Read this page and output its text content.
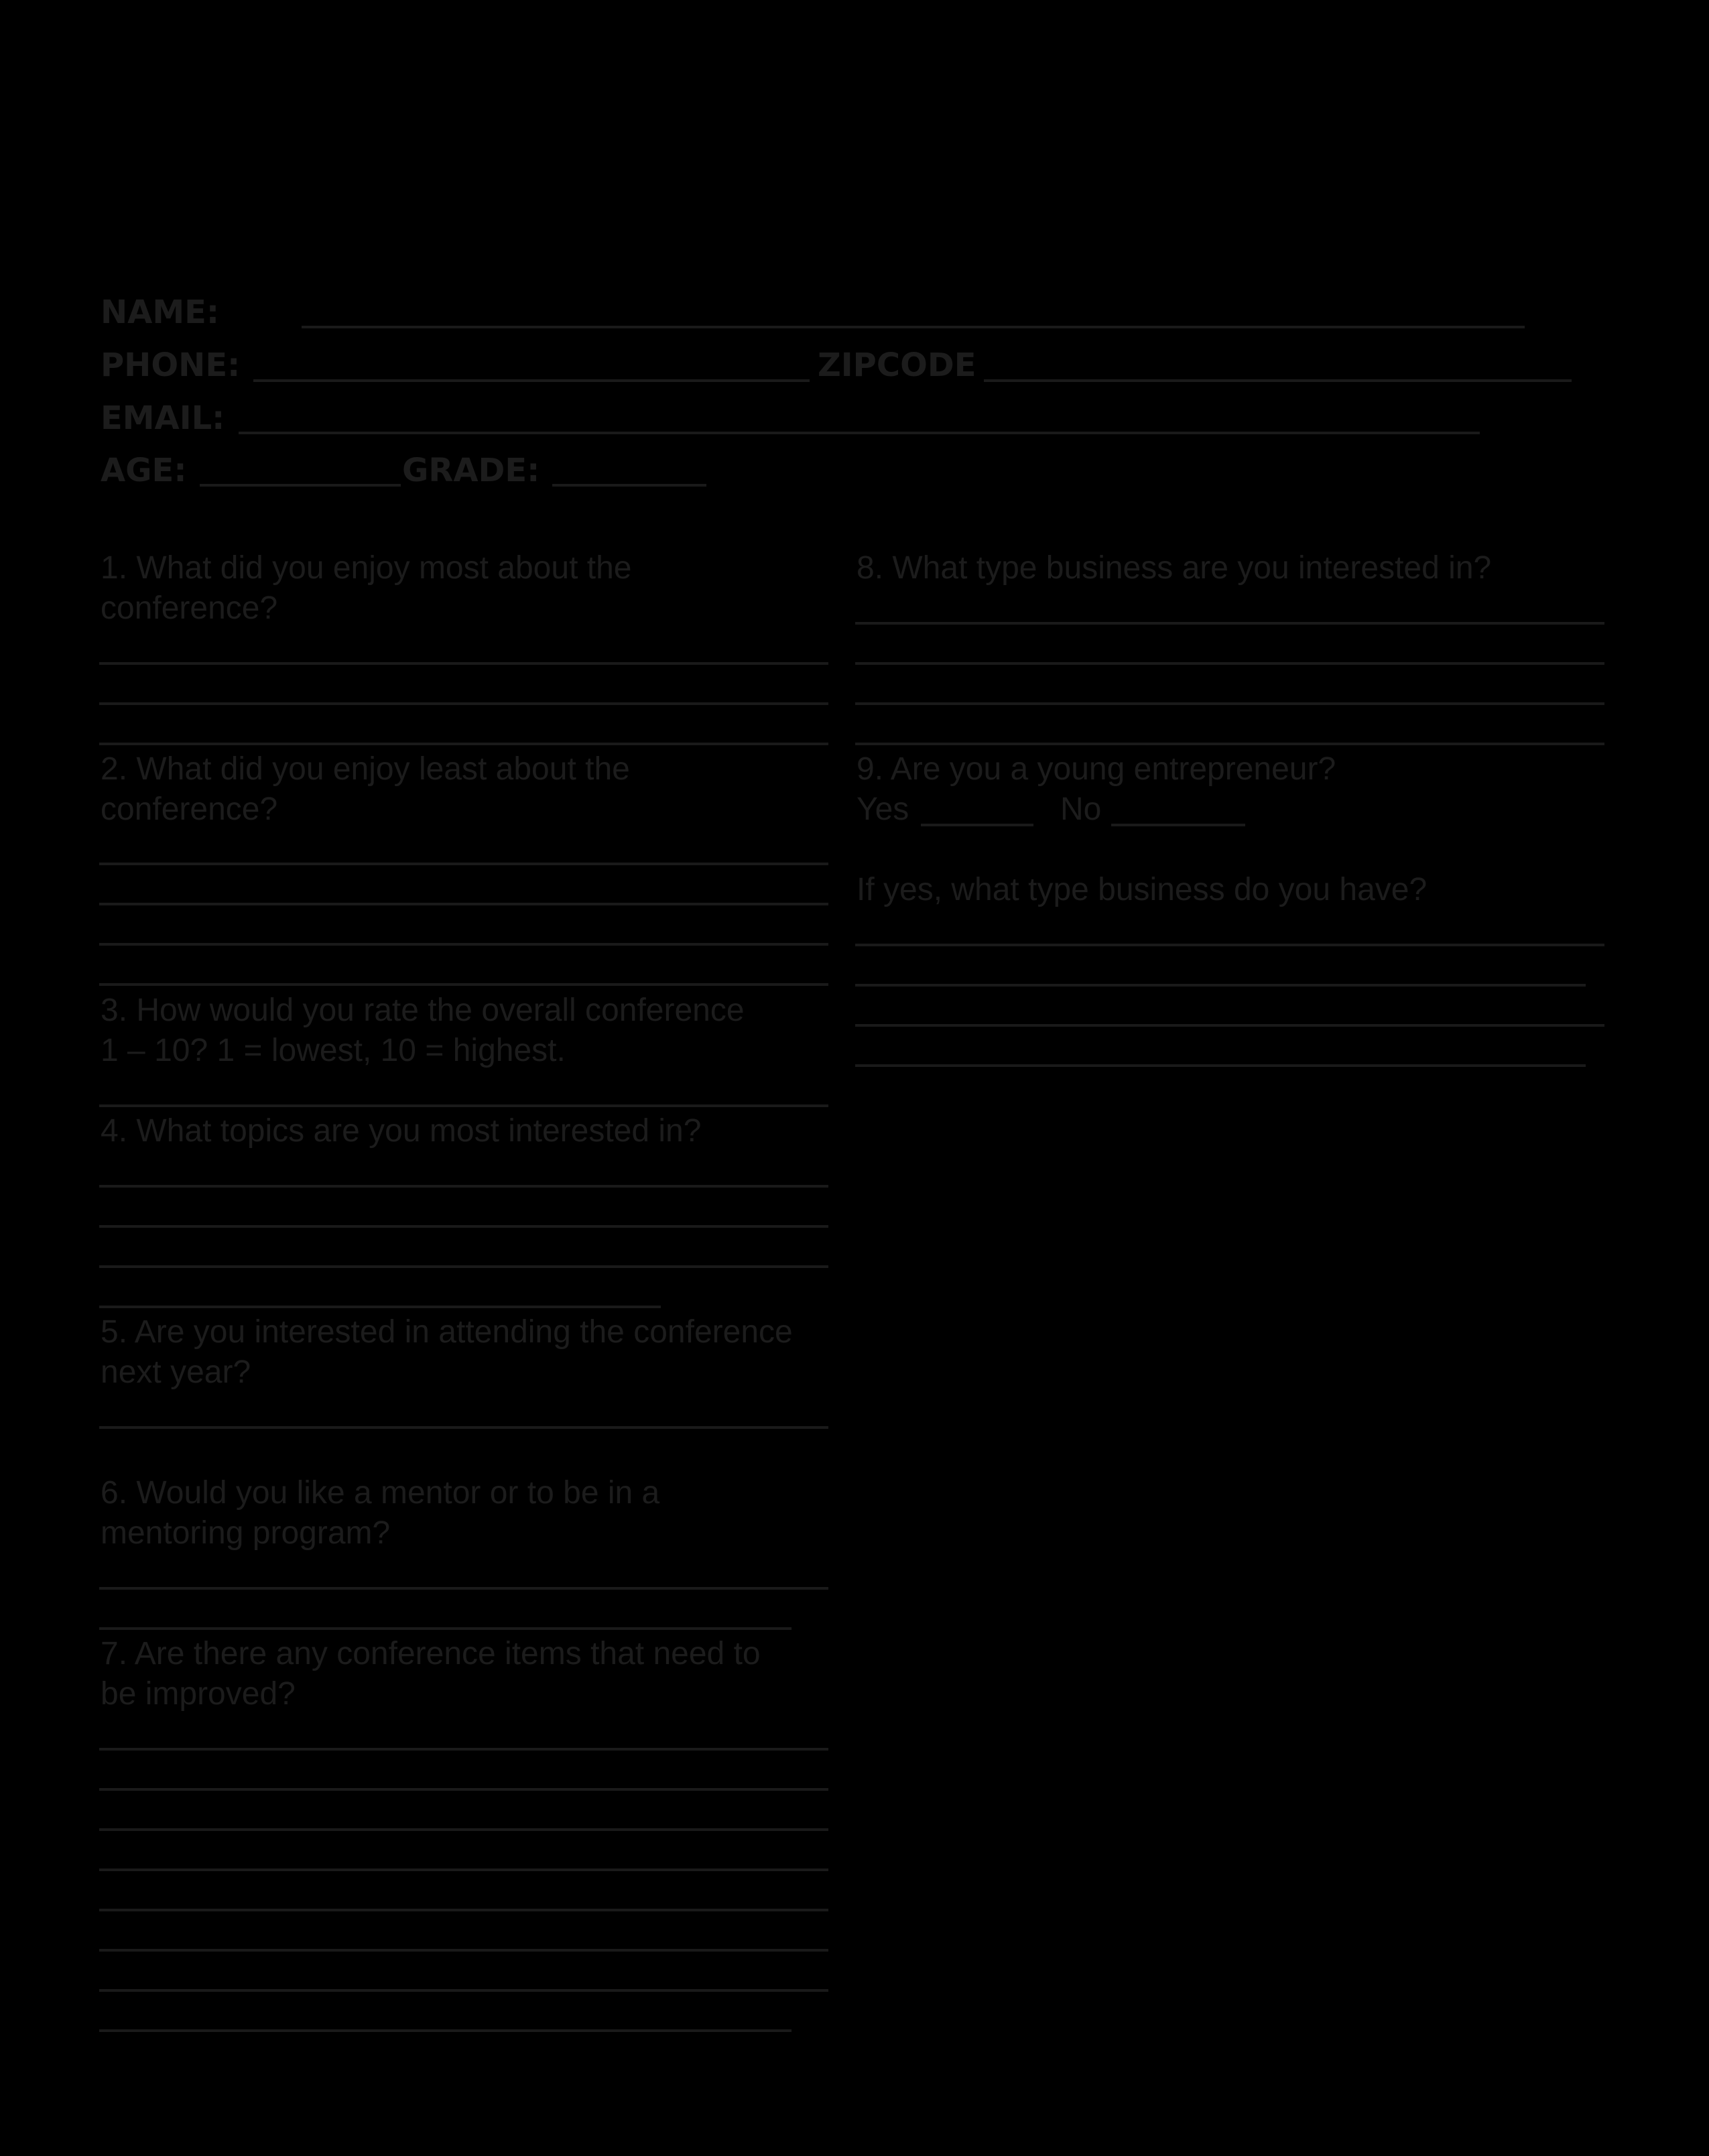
NAME:
PHONE:	ZIPCODE
EMAIL:
AGE:	GRADE:
1. What did you enjoy most about the
conference?
2. What did you enjoy least about the
conference?
3. How would you rate the overall conference
1 – 10? 1 = lowest, 10 = highest.
4. What topics are you most interested in?
5. Are you interested in attending the conference
next year?
6. Would you like a mentor or to be in a
mentoring program?
7. Are there any conference items that need to
be improved?
8. What type business are you interested in?
9. Are you a young entrepreneur?
Yes	No
If yes, what type business do you have?
